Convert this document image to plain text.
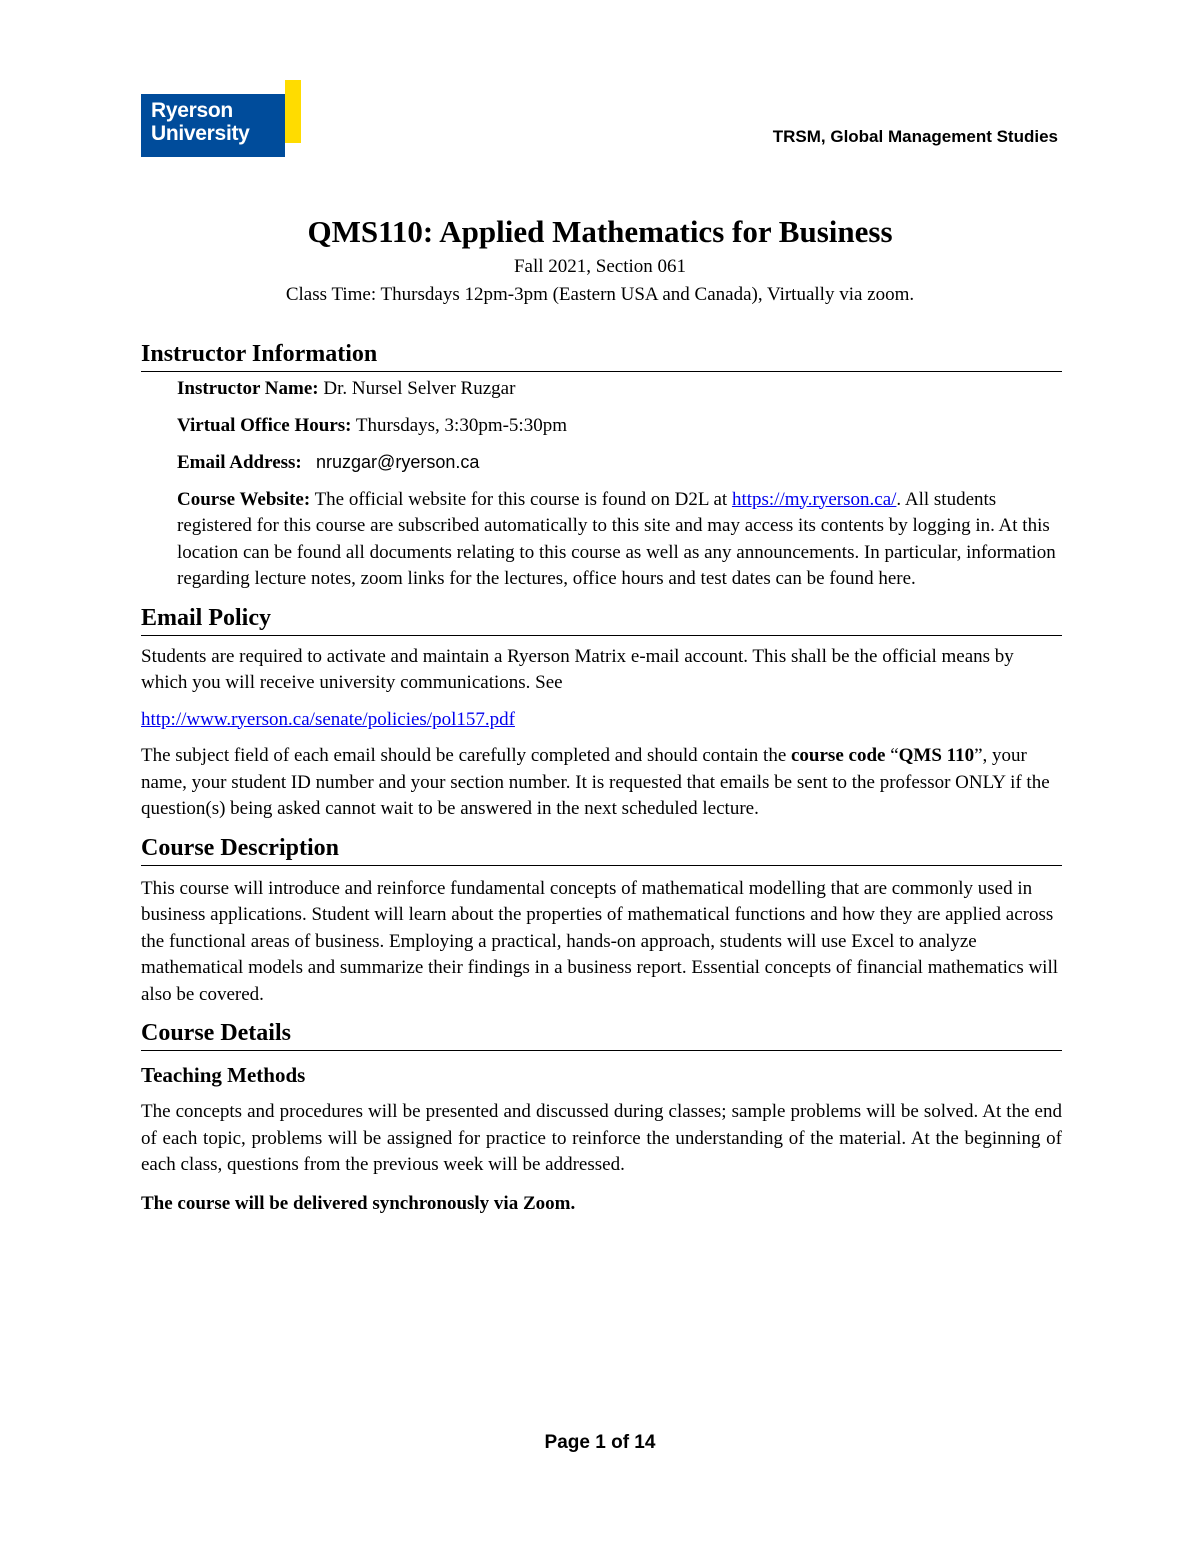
Ryerson
University	TRSM, Global Management Studies
QMS110: Applied Mathematics for Business
Fall 2021, Section 061
Class Time: Thursdays 12pm-3pm (Eastern USA and Canada), Virtually via zoom.
Instructor Information

Instructor Name: Dr. Nursel Selver Ruzgar

Virtual Office Hours: Thursdays, 3:30pm-5:30pm

Email Address: nruzgar@ryerson.ca

Course Website: The official website for this course is found on D2L at https://my.ryerson.ca/. All students registered for this course are subscribed automatically to this site and may access its contents by logging in. At this location can be found all documents relating to this course as well as any announcements. In particular, information regarding lecture notes, zoom links for the lectures, office hours and test dates can be found here.

Email Policy

Students are required to activate and maintain a Ryerson Matrix e-mail account. This shall be the official means by which you will receive university communications. See

http://www.ryerson.ca/senate/policies/pol157.pdf

The subject field of each email should be carefully completed and should contain the course code “QMS 110”, your name, your student ID number and your section number. It is requested that emails be sent to the professor ONLY if the question(s) being asked cannot wait to be answered in the next scheduled lecture.

Course Description

This course will introduce and reinforce fundamental concepts of mathematical modelling that are commonly used in business applications. Student will learn about the properties of mathematical functions and how they are applied across the functional areas of business. Employing a practical, hands-on approach, students will use Excel to analyze mathematical models and summarize their findings in a business report. Essential concepts of financial mathematics will also be covered.

Course Details
Teaching Methods

The concepts and procedures will be presented and discussed during classes; sample problems will be solved. At the end of each topic, problems will be assigned for practice to reinforce the understanding of the material. At the beginning of each class, questions from the previous week will be addressed.

The course will be delivered synchronously via Zoom.

Page 1 of 14
